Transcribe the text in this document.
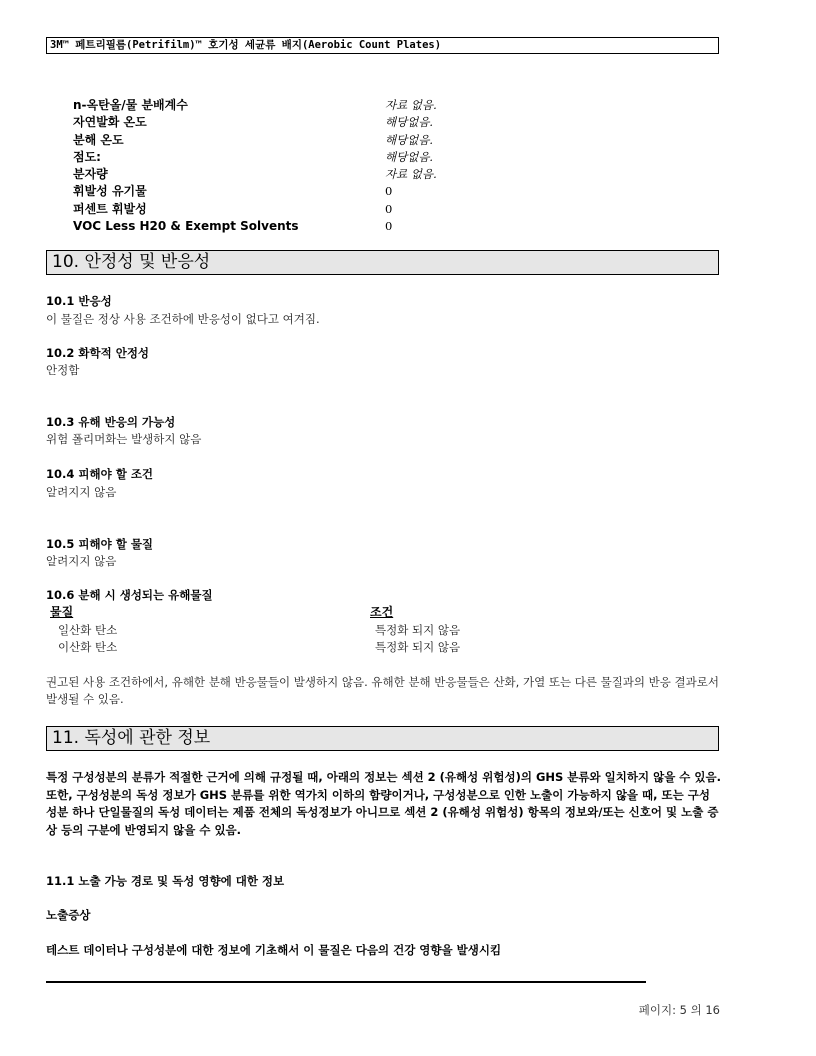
3M™ 페트리필름(Petrifilm)™ 호기성 세균류 배지(Aerobic Count Plates)
n-옥탄올/물 분배계수	자료 없음.
자연발화 온도	해당없음.
분해 온도	해당없음.
점도:	해당없음.
분자량	자료 없음.
휘발성 유기물	0
퍼센트 휘발성	0
VOC Less H20 & Exempt Solvents	0
10. 안정성 및 반응성
10.1 반응성
이 물질은 정상 사용 조건하에 반응성이 없다고 여겨짐.
10.2 화학적 안정성
안정함
10.3 유해 반응의 가능성
위험 폴리머화는 발생하지 않음
10.4 피해야 할 조건
알려지지 않음
10.5 피해야 할 물질
알려지지 않음
10.6 분해 시 생성되는 유해물질
물질	조건
일산화 탄소	특정화 되지 않음
이산화 탄소	특정화 되지 않음
권고된 사용 조건하에서, 유해한 분해 반응물들이 발생하지 않음. 유해한 분해 반응물들은 산화, 가열 또는 다른 물질과의 반응 결과로서 발생될 수 있음.
11. 독성에 관한 정보
특정 구성성분의 분류가 적절한 근거에 의해 규정될 때, 아래의 정보는 섹션 2 (유해성 위험성)의 GHS 분류와 일치하지 않을 수 있음. 또한, 구성성분의 독성 정보가 GHS 분류를 위한 역가치 이하의 함량이거나, 구성성분으로 인한 노출이 가능하지 않을 때, 또는 구성성분 하나 단일물질의 독성 데이터는 제품 전체의 독성정보가 아니므로 섹션 2 (유해성 위험성) 항목의 정보와/또는 신호어 및 노출 증상 등의 구분에 반영되지 않을 수 있음.
11.1 노출 가능 경로 및 독성 영향에 대한 정보
노출증상
테스트 데이터나 구성성분에 대한 정보에 기초해서 이 물질은 다음의 건강 영향을 발생시킴
페이지: 5 의 16
